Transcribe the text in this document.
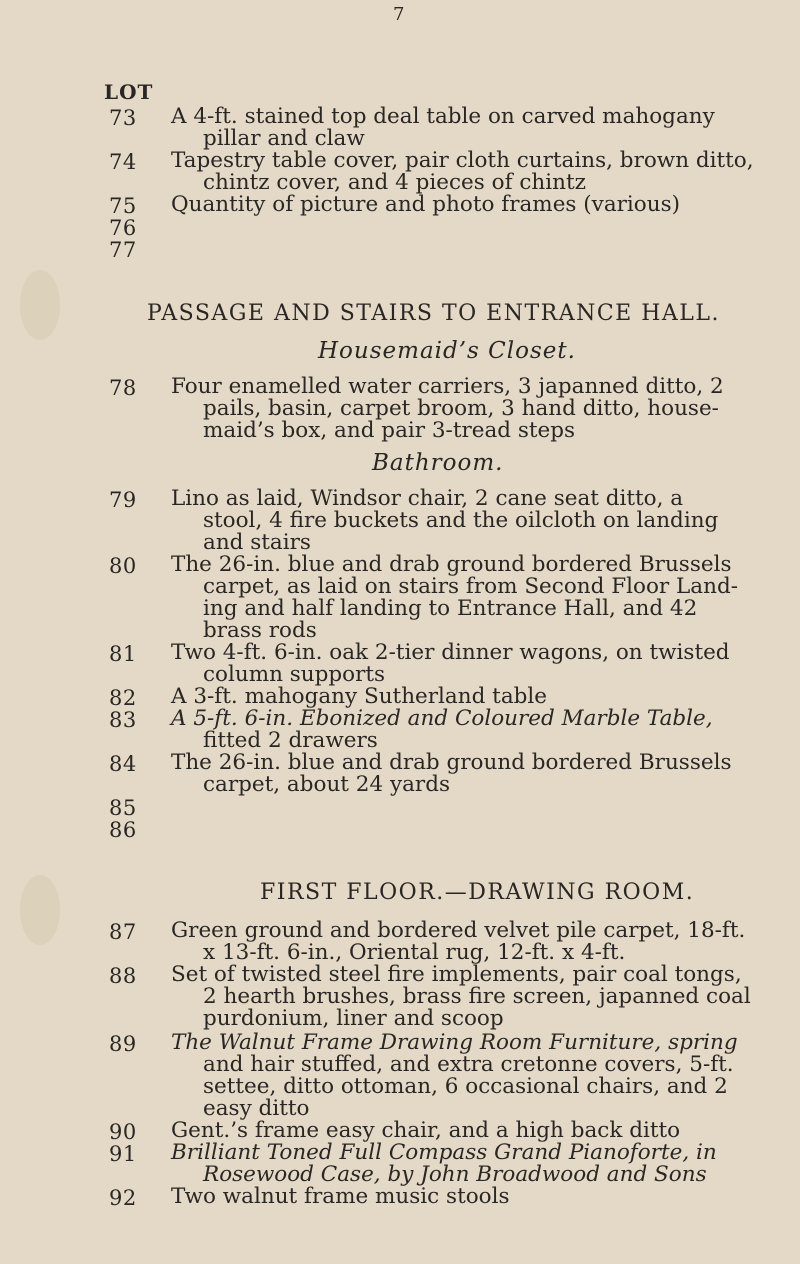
7
LOT
73 A 4-ft. stained top deal table on carved mahogany
pillar and claw
74 Tapestry table cover, pair cloth curtains, brown ditto,
chintz cover, and 4 pieces of chintz
75 Quantity of picture and photo frames (various)
76
77
PASSAGE AND STAIRS TO ENTRANCE HALL.
Housemaid’s Closet.
78 Four enamelled water carriers, 3 japanned ditto, 2
pails, basin, carpet broom, 3 hand ditto, house-
maid’s box, and pair 3-tread steps
Bathroom.
79 Lino as laid, Windsor chair, 2 cane seat ditto, a
stool, 4 fire buckets and the oilcloth on landing
and stairs
80 The 26-in. blue and drab ground bordered Brussels
carpet, as laid on stairs from Second Floor Land-
ing and half landing to Entrance Hall, and 42
brass rods
81 Two 4-ft. 6-in. oak 2-tier dinner wagons, on twisted
column supports
82 A 3-ft. mahogany Sutherland table
83 A 5-ft. 6-in. Ebonized and Coloured Marble Table,
fitted 2 drawers
84 The 26-in. blue and drab ground bordered Brussels
carpet, about 24 yards
85
86
FIRST FLOOR.—DRAWING ROOM.
87 Green ground and bordered velvet pile carpet, 18-ft.
x 13-ft. 6-in., Oriental rug, 12-ft. x 4-ft.
88 Set of twisted steel fire implements, pair coal tongs,
2 hearth brushes, brass fire screen, japanned coal
purdonium, liner and scoop
89 The Walnut Frame Drawing Room Furniture, spring
and hair stuffed, and extra cretonne covers, 5-ft.
settee, ditto ottoman, 6 occasional chairs, and 2
easy ditto
90 Gent.’s frame easy chair, and a high back ditto
91 Brilliant Toned Full Compass Grand Pianoforte, in
Rosewood Case, by John Broadwood and Sons
92 Two walnut frame music stools
